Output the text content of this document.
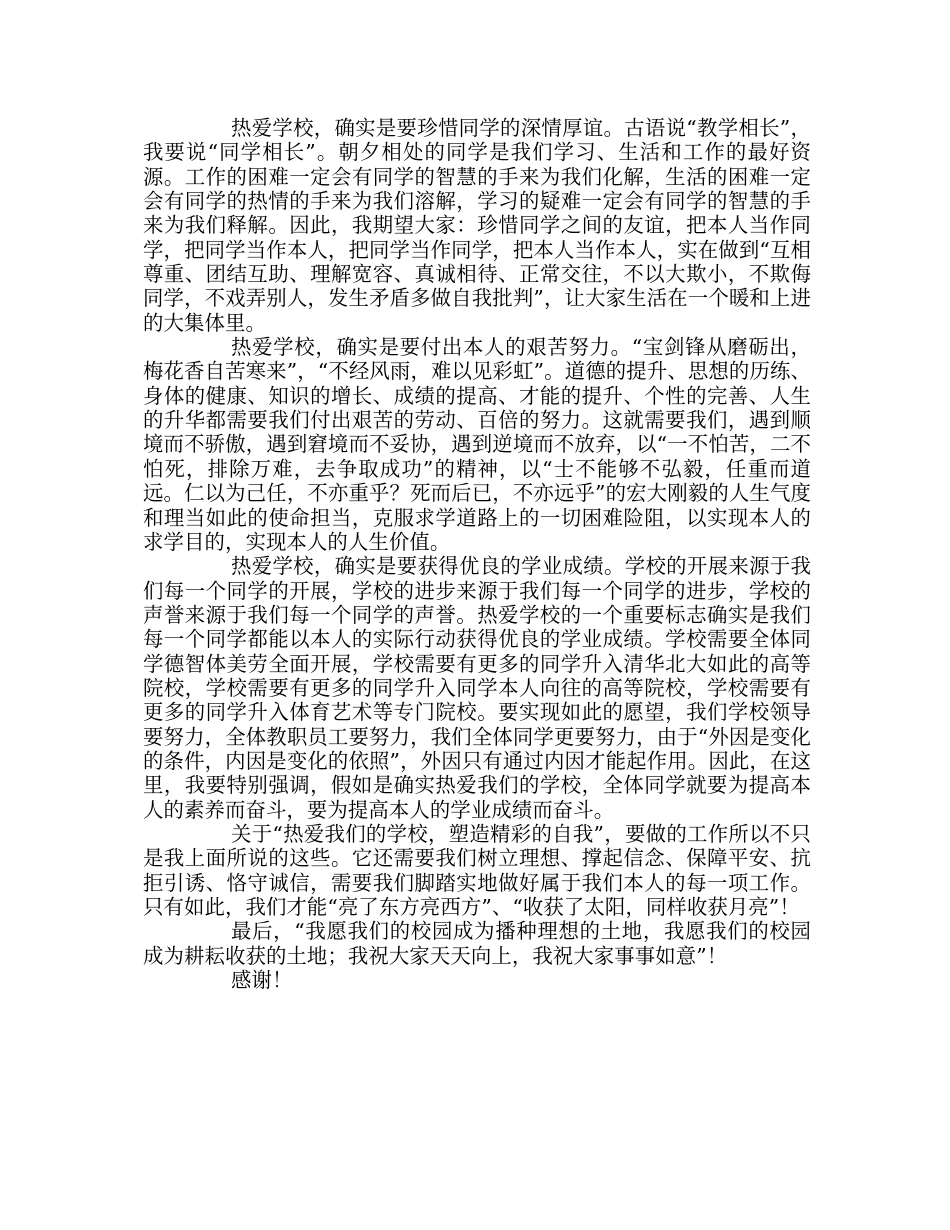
热爱学校，确实是要珍惜同学的深情厚谊。古语说“教学相长”，我要说“同学相长”。朝夕相处的同学是我们学习、生活和工作的最好资源。工作的困难一定会有同学的智慧的手来为我们化解，生活的困难一定会有同学的热情的手来为我们溶解，学习的疑难一定会有同学的智慧的手来为我们释解。因此，我期望大家：珍惜同学之间的友谊，把本人当作同学，把同学当作本人，把同学当作同学，把本人当作本人，实在做到“互相尊重、团结互助、理解宽容、真诚相待、正常交往，不以大欺小，不欺侮同学，不戏弄别人，发生矛盾多做自我批判”，让大家生活在一个暖和上进的大集体里。

热爱学校，确实是要付出本人的艰苦努力。“宝剑锋从磨砺出，梅花香自苦寒来”，“不经风雨，难以见彩虹”。道德的提升、思想的历练、身体的健康、知识的增长、成绩的提高、才能的提升、个性的完善、人生的升华都需要我们付出艰苦的劳动、百倍的努力。这就需要我们，遇到顺境而不骄傲，遇到窘境而不妥协，遇到逆境而不放弃，以“一不怕苦，二不怕死，排除万难，去争取成功”的精神，以“士不能够不弘毅，任重而道远。仁以为己任，不亦重乎？死而后已，不亦远乎”的宏大刚毅的人生气度和理当如此的使命担当，克服求学道路上的一切困难险阻，以实现本人的求学目的，实现本人的人生价值。

热爱学校，确实是要获得优良的学业成绩。学校的开展来源于我们每一个同学的开展，学校的进步来源于我们每一个同学的进步，学校的声誉来源于我们每一个同学的声誉。热爱学校的一个重要标志确实是我们每一个同学都能以本人的实际行动获得优良的学业成绩。学校需要全体同学德智体美劳全面开展，学校需要有更多的同学升入清华北大如此的高等院校，学校需要有更多的同学升入同学本人向往的高等院校，学校需要有更多的同学升入体育艺术等专门院校。要实现如此的愿望，我们学校领导要努力，全体教职员工要努力，我们全体同学更要努力，由于“外因是变化的条件，内因是变化的依照”，外因只有通过内因才能起作用。因此，在这里，我要特别强调，假如是确实热爱我们的学校，全体同学就要为提高本人的素养而奋斗，要为提高本人的学业成绩而奋斗。

关于“热爱我们的学校，塑造精彩的自我”，要做的工作所以不只是我上面所说的这些。它还需要我们树立理想、撑起信念、保障平安、抗拒引诱、恪守诚信，需要我们脚踏实地做好属于我们本人的每一项工作。只有如此，我们才能“亮了东方亮西方”、“收获了太阳，同样收获月亮”！

最后，“我愿我们的校园成为播种理想的土地，我愿我们的校园成为耕耘收获的土地；我祝大家天天向上，我祝大家事事如意”！

感谢！
